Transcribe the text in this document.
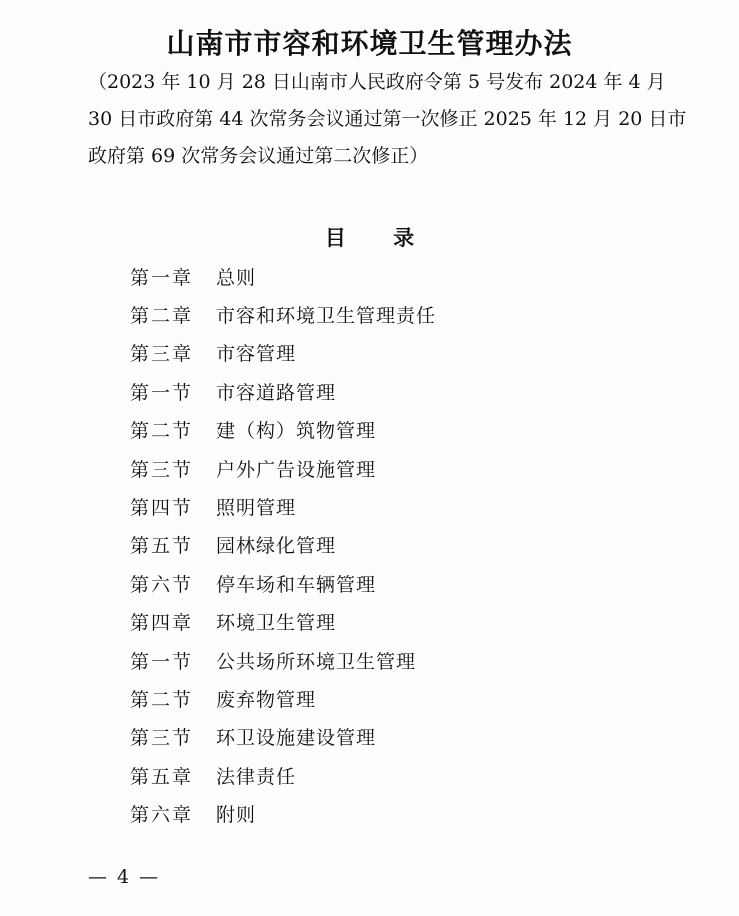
山南市市容和环境卫生管理办法

（2023 年 10 月 28 日山南市人民政府令第 5 号发布 2024 年 4 月 30 日市政府第 44 次常务会议通过第一次修正 2025 年 12 月 20 日市政府第 69 次常务会议通过第二次修正）

目 录
第一章	总则
第二章	市容和环境卫生管理责任
第三章	市容管理
第一节	市容道路管理
第二节	建（构）筑物管理
第三节	户外广告设施管理
第四节	照明管理
第五节	园林绿化管理
第六节	停车场和车辆管理
第四章	环境卫生管理
第一节	公共场所环境卫生管理
第二节	废弃物管理
第三节	环卫设施建设管理
第五章	法律责任
第六章	附则
— 4 —
